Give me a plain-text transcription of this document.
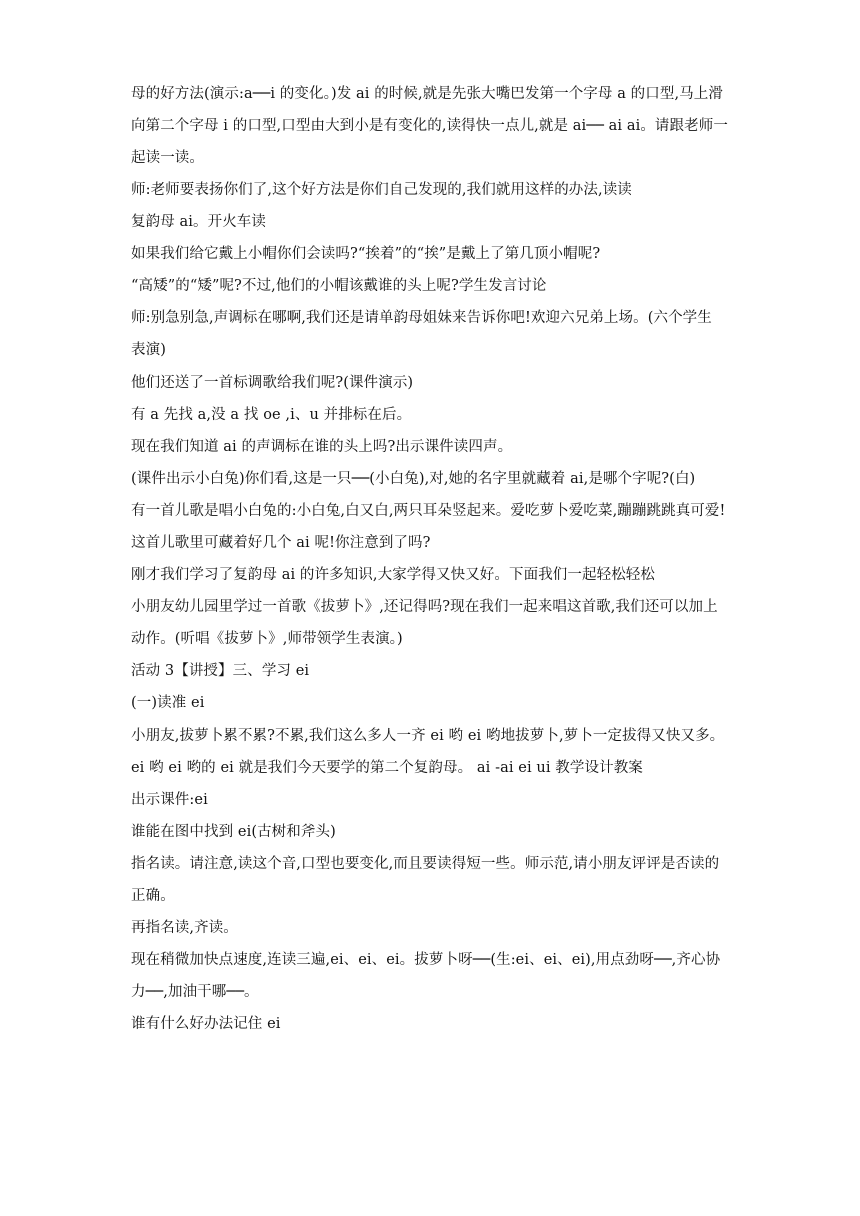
母的好方法(演示:a──i 的变化。)发 ai 的时候,就是先张大嘴巴发第一个字母 a 的口型,马上滑
向第二个字母 i 的口型,口型由大到小是有变化的,读得快一点儿,就是 ai── ai ai。请跟老师一
起读一读。
师:老师要表扬你们了,这个好方法是你们自己发现的,我们就用这样的办法,读读
复韵母 ai。开火车读
如果我们给它戴上小帽你们会读吗?“挨着”的“挨”是戴上了第几顶小帽呢?
“高矮”的“矮”呢?不过,他们的小帽该戴谁的头上呢?学生发言讨论
师:别急别急,声调标在哪啊,我们还是请单韵母姐妹来告诉你吧!欢迎六兄弟上场。(六个学生
表演)
他们还送了一首标调歌给我们呢?(课件演示)
有 a 先找 a,没 a 找 oe ,i、u 并排标在后。
现在我们知道 ai 的声调标在谁的头上吗?出示课件读四声。
(课件出示小白兔)你们看,这是一只──(小白兔),对,她的名字里就藏着 ai,是哪个字呢?(白)
有一首儿歌是唱小白兔的:小白兔,白又白,两只耳朵竖起来。爱吃萝卜爱吃菜,蹦蹦跳跳真可爱!
这首儿歌里可藏着好几个 ai 呢!你注意到了吗?
刚才我们学习了复韵母 ai 的许多知识,大家学得又快又好。下面我们一起轻松轻松
小朋友幼儿园里学过一首歌《拔萝卜》,还记得吗?现在我们一起来唱这首歌,我们还可以加上
动作。(听唱《拔萝卜》,师带领学生表演。)
活动 3【讲授】三、学习 ei
(一)读准 ei
小朋友,拔萝卜累不累?不累,我们这么多人一齐 ei 哟 ei 哟地拔萝卜,萝卜一定拔得又快又多。
ei 哟 ei 哟的 ei 就是我们今天要学的第二个复韵母。 ai -ai ei ui 教学设计教案
出示课件:ei
谁能在图中找到 ei(古树和斧头)
指名读。请注意,读这个音,口型也要变化,而且要读得短一些。师示范,请小朋友评评是否读的
正确。
再指名读,齐读。
现在稍微加快点速度,连读三遍,ei、ei、ei。拔萝卜呀──(生:ei、ei、ei),用点劲呀──,齐心协
力──,加油干哪──。
谁有什么好办法记住 ei
